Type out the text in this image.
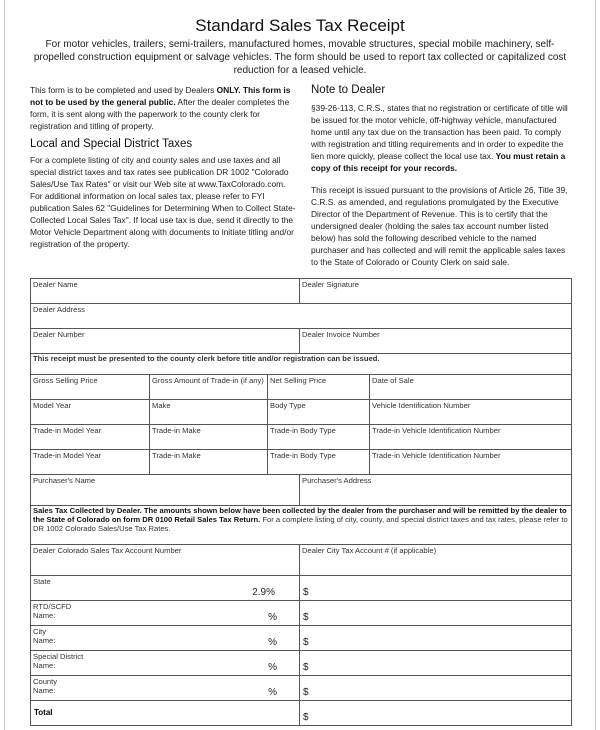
Standard Sales Tax Receipt
For motor vehicles, trailers, semi-trailers, manufactured homes, movable structures, special mobile machinery, self-propelled construction equipment or salvage vehicles. The form should be used to report tax collected or capitalized cost reduction for a leased vehicle.

This form is to be completed and used by Dealers ONLY. This form is not to be used by the general public. After the dealer completes the form, it is sent along with the paperwork to the county clerk for registration and titling of property.

Local and Special District Taxes

For a complete listing of city and county sales and use taxes and all special district taxes and tax rates see publication DR 1002 "Colorado Sales/Use Tax Rates" or visit our Web site at www.TaxColorado.com. For additional information on local sales tax, please refer to FYI publication Sales 62 "Guidelines for Determining When to Collect State-Collected Local Sales Tax". If local use tax is due, send it directly to the Motor Vehicle Department along with documents to initiate titling and/or registration of the property.

Note to Dealer

§39-26-113, C.R.S., states that no registration or certificate of title will be issued for the motor vehicle, off-highway vehicle, manufactured home until any tax due on the transaction has been paid. To comply with registration and titling requirements and in order to expedite the lien more quickly, please collect the local use tax. You must retain a copy of this receipt for your records.

This receipt is issued pursuant to the provisions of Article 26, Title 39, C.R.S. as amended, and regulations promulgated by the Executive Director of the Department of Revenue. This is to certify that the undersigned dealer (holding the sales tax account number listed below) has sold the following described vehicle to the named purchaser and has collected and will remit the applicable sales taxes to the State of Colorado or County Clerk on said sale.

Dealer Name			Dealer Signature	

Dealer Address				

Dealer Number			Dealer Invoice Number	

This receipt must be presented to the county clerk before title and/or registration can be issued.				

Gross Selling Price	Gross Amount of Trade-in (if any)	Net Selling Price		Date of Sale

Model Year	Make	Body Type		Vehicle Identification Number

Trade-in Model Year	Trade-in Make	Trade-in Body Type		Trade-in Vehicle Identification Number

Trade-in Model Year	Trade-in Make	Trade-in Body Type		Trade-in Vehicle Identification Number

Purchaser's Name			Purchaser's Address	

Sales Tax Collected by Dealer. The amounts shown below have been collected by the dealer from the purchaser and will be remitted by the dealer to the State of Colorado on form DR 0100 Retail Sales Tax Return. For a complete listing of city, county, and special district taxes and tax rates, please refer to DR 1002 Colorado Sales/Use Tax Rates.				

Dealer Colorado Sales Tax Account Number			Dealer City Tax Account # (if applicable)	

State
2.9%			$	

RTD/SCFD
Name: %			$	

City
Name: %			$	

Special District
Name: %			$	

County
Name: %			$	

Total			$	
